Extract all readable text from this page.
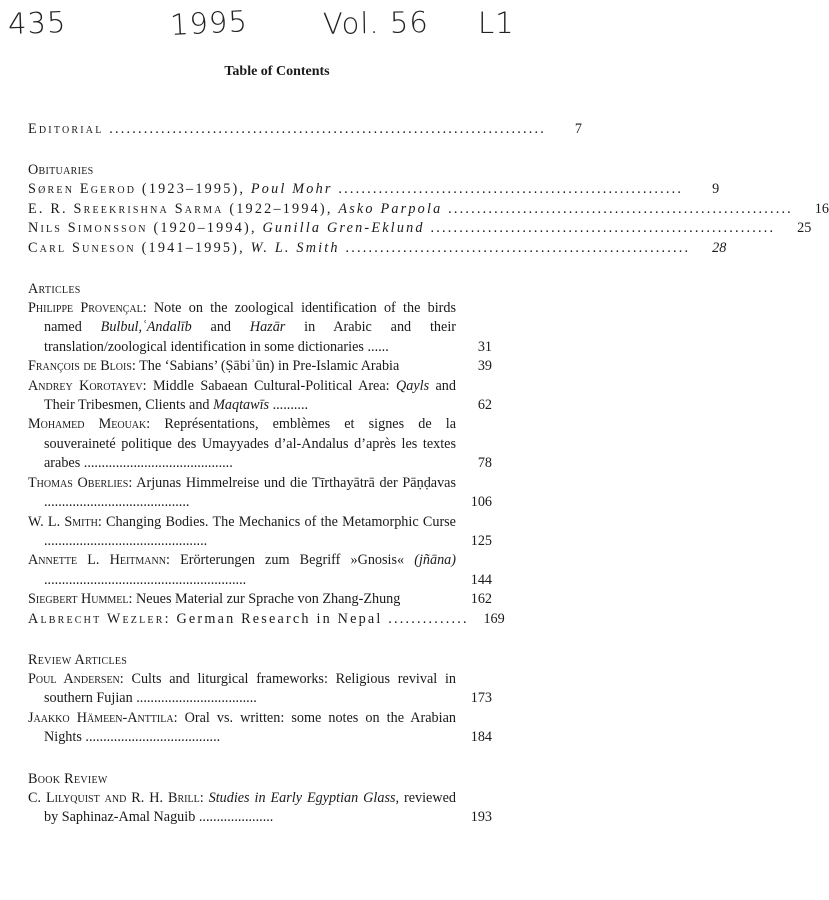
435	1995	Vol. 56 L1
Table of Contents
Editorial ............................................................................	7
Obituaries
Søren Egerod (1923–1995), Poul Mohr ............................................................	9
E. R. Sreekrishna Sarma (1922–1994), Asko Parpola ............................................................	16
Nils Simonsson (1920–1994), Gunilla Gren-Eklund ............................................................	25
Carl Suneson (1941–1995), W. L. Smith ............................................................	28
Articles
Philippe Provençal: Note on the zoological identification of the birds named Bulbul,ʿAndalīb and Hazār in Arabic and their translation/zoological identification in some dictionaries ......	31
François de Blois: The ‘Sabians’ (Ṣābiʾūn) in Pre-Islamic Arabia	39
Andrey Korotayev: Middle Sabaean Cultural-Political Area: Qayls and Their Tribesmen, Clients and Maqtawīs ..........	62
Mohamed Meouak: Représentations, emblèmes et signes de la souveraineté politique des Umayyades d’al-Andalus d’après les textes arabes ..........................................	78
Thomas Oberlies: Arjunas Himmelreise und die Tīrthayātrā der Pāṇḍavas .........................................	106
W. L. Smith: Changing Bodies. The Mechanics of the Metamorphic Curse ..............................................	125
Annette L. Heitmann: Erörterungen zum Begriff »Gnosis« (jñāna) .........................................................	144
Siegbert Hummel: Neues Material zur Sprache von Zhang-Zhung	162
Albrecht Wezler: German Research in Nepal ..............	169
Review Articles
Poul Andersen: Cults and liturgical frameworks: Religious revival in southern Fujian ..................................	173
Jaakko Hämeen-Anttila: Oral vs. written: some notes on the Arabian Nights ......................................	184
Book Review
C. Lilyquist and R. H. Brill: Studies in Early Egyptian Glass, reviewed by Saphinaz-Amal Naguib .....................	193
